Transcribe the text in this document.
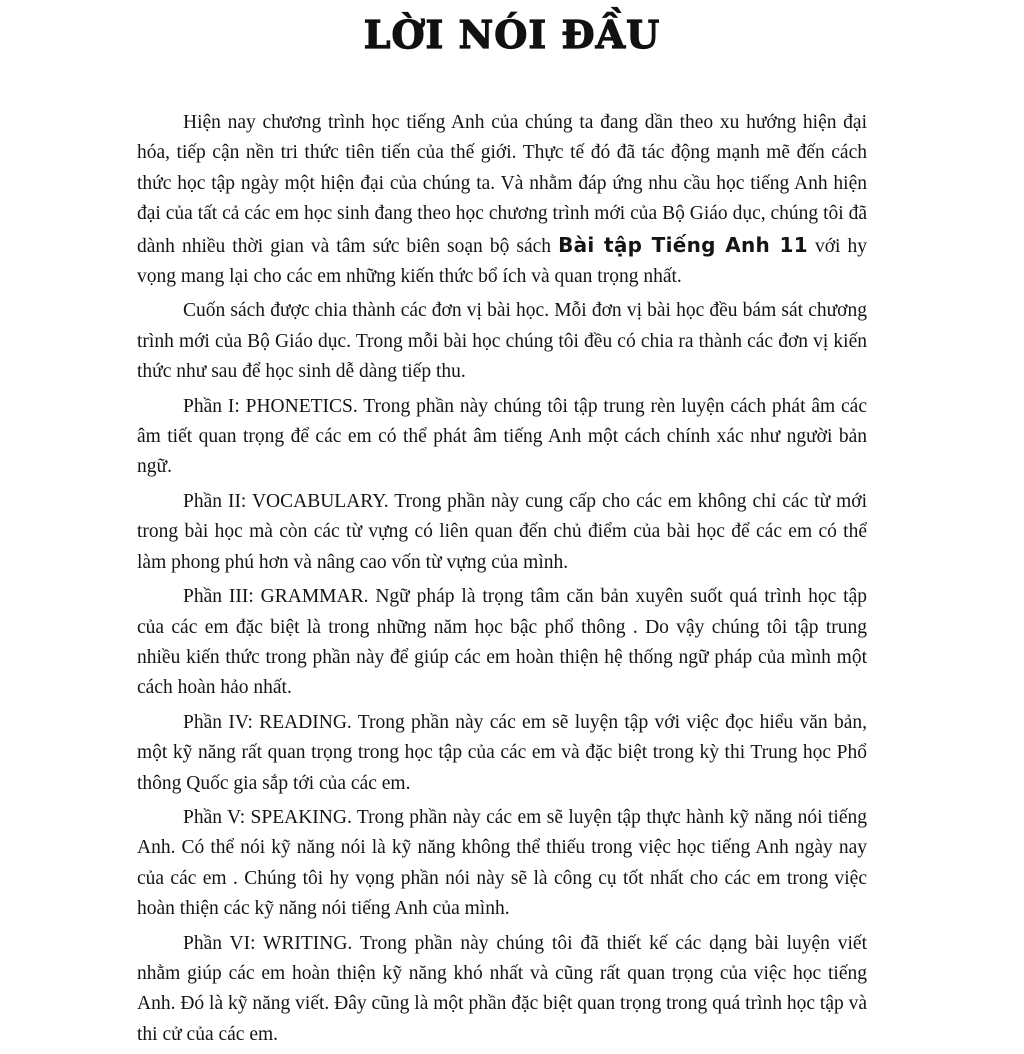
LỜI NÓI ĐẦU

Hiện nay chương trình học tiếng Anh của chúng ta đang dần theo xu hướng hiện đại hóa, tiếp cận nền tri thức tiên tiến của thế giới. Thực tế đó đã tác động mạnh mẽ đến cách thức học tập ngày một hiện đại của chúng ta. Và nhằm đáp ứng nhu cầu học tiếng Anh hiện đại của tất cả các em học sinh đang theo học chương trình mới của Bộ Giáo dục, chúng tôi đã dành nhiều thời gian và tâm sức biên soạn bộ sách Bài tập Tiếng Anh 11 với hy vọng mang lại cho các em những kiến thức bổ ích và quan trọng nhất.

Cuốn sách được chia thành các đơn vị bài học. Mỗi đơn vị bài học đều bám sát chương trình mới của Bộ Giáo dục. Trong mỗi bài học chúng tôi đều có chia ra thành các đơn vị kiến thức như sau để học sinh dễ dàng tiếp thu.

Phần I: PHONETICS. Trong phần này chúng tôi tập trung rèn luyện cách phát âm các âm tiết quan trọng để các em có thể phát âm tiếng Anh một cách chính xác như người bản ngữ.

Phần II: VOCABULARY. Trong phần này cung cấp cho các em không chỉ các từ mới trong bài học mà còn các từ vựng có liên quan đến chủ điểm của bài học để các em có thể làm phong phú hơn và nâng cao vốn từ vựng của mình.

Phần III: GRAMMAR. Ngữ pháp là trọng tâm căn bản xuyên suốt quá trình học tập của các em đặc biệt là trong những năm học bậc phổ thông . Do vậy chúng tôi tập trung nhiều kiến thức trong phần này để giúp các em hoàn thiện hệ thống ngữ pháp của mình một cách hoàn hảo nhất.

Phần IV: READING. Trong phần này các em sẽ luyện tập với việc đọc hiểu văn bản, một kỹ năng rất quan trọng trong học tập của các em và đặc biệt trong kỳ thi Trung học Phổ thông Quốc gia sắp tới của các em.

Phần V: SPEAKING. Trong phần này các em sẽ luyện tập thực hành kỹ năng nói tiếng Anh. Có thể nói kỹ năng nói là kỹ năng không thể thiếu trong việc học tiếng Anh ngày nay của các em . Chúng tôi hy vọng phần nói này sẽ là công cụ tốt nhất cho các em trong việc hoàn thiện các kỹ năng nói tiếng Anh của mình.

Phần VI: WRITING. Trong phần này chúng tôi đã thiết kế các dạng bài luyện viết nhằm giúp các em hoàn thiện kỹ năng khó nhất và cũng rất quan trọng của việc học tiếng Anh. Đó là kỹ năng viết. Đây cũng là một phần đặc biệt quan trọng trong quá trình học tập và thi cử của các em.
